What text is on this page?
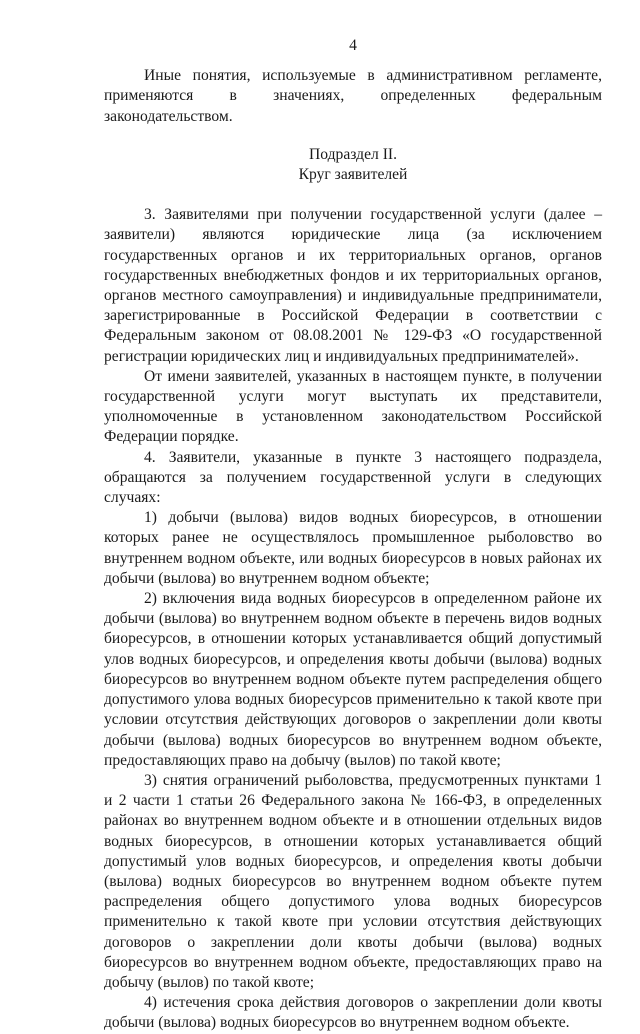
4

Иные понятия, используемые в административном регламенте, применяются в значениях, определенных федеральным законодательством.

Подраздел II.

Круг заявителей

3. Заявителями при получении государственной услуги (далее – заявители) являются юридические лица (за исключением государственных органов и их территориальных органов, органов государственных внебюджетных фондов и их территориальных органов, органов местного самоуправления) и индивидуальные предприниматели, зарегистрированные в Российской Федерации в соответствии с Федеральным законом от 08.08.2001 № 129-ФЗ «О государственной регистрации юридических лиц и индивидуальных предпринимателей».

От имени заявителей, указанных в настоящем пункте, в получении государственной услуги могут выступать их представители, уполномоченные в установленном законодательством Российской Федерации порядке.

4. Заявители, указанные в пункте 3 настоящего подраздела, обращаются за получением государственной услуги в следующих случаях:

1) добычи (вылова) видов водных биоресурсов, в отношении которых ранее не осуществлялось промышленное рыболовство во внутреннем водном объекте, или водных биоресурсов в новых районах их добычи (вылова) во внутреннем водном объекте;

2) включения вида водных биоресурсов в определенном районе их добычи (вылова) во внутреннем водном объекте в перечень видов водных биоресурсов, в отношении которых устанавливается общий допустимый улов водных биоресурсов, и определения квоты добычи (вылова) водных биоресурсов во внутреннем водном объекте путем распределения общего допустимого улова водных биоресурсов применительно к такой квоте при условии отсутствия действующих договоров о закреплении доли квоты добычи (вылова) водных биоресурсов во внутреннем водном объекте, предоставляющих право на добычу (вылов) по такой квоте;

3) снятия ограничений рыболовства, предусмотренных пунктами 1 и 2 части 1 статьи 26 Федерального закона № 166-ФЗ, в определенных районах во внутреннем водном объекте и в отношении отдельных видов водных биоресурсов, в отношении которых устанавливается общий допустимый улов водных биоресурсов, и определения квоты добычи (вылова) водных биоресурсов во внутреннем водном объекте путем распределения общего допустимого улова водных биоресурсов применительно к такой квоте при условии отсутствия действующих договоров о закреплении доли квоты добычи (вылова) водных биоресурсов во внутреннем водном объекте, предоставляющих право на добычу (вылов) по такой квоте;

4) истечения срока действия договоров о закреплении доли квоты добычи (вылова) водных биоресурсов во внутреннем водном объекте.
